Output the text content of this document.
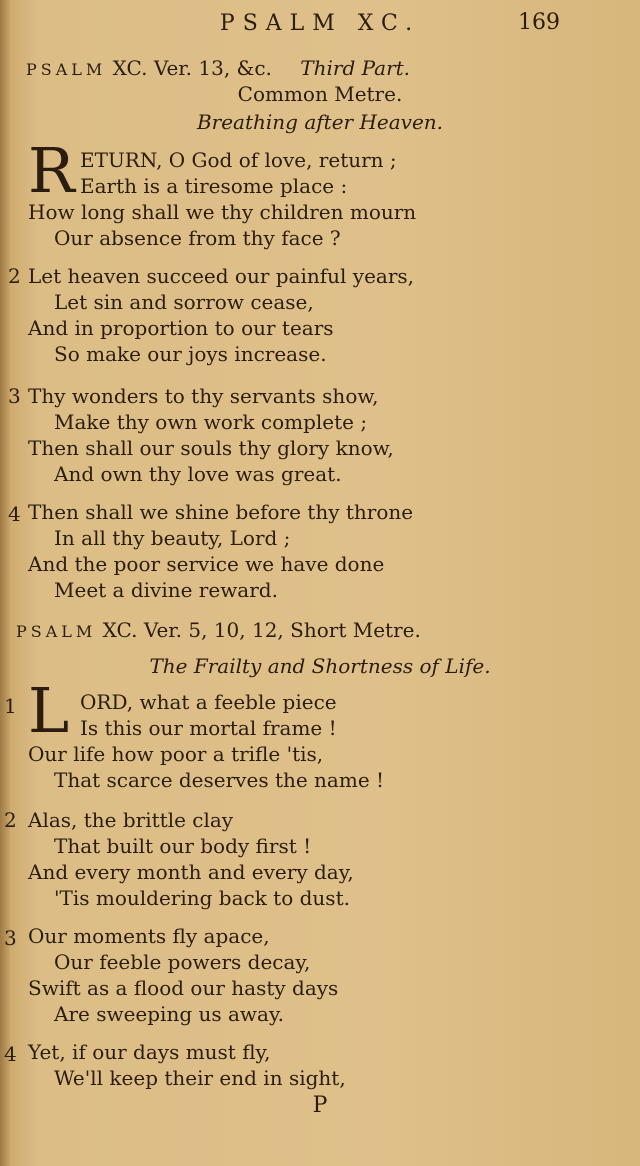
PSALM XC.	169
PSALM XC. Ver. 13, &c. Third Part.
Common Metre.
Breathing after Heaven.
R ETURN, O God of love, return ;
Earth is a tiresome place :
How long shall we thy children mourn
Our absence from thy face ?
2 Let heaven succeed our painful years,
Let sin and sorrow cease,
And in proportion to our tears
So make our joys increase.
3 Thy wonders to thy servants show,
Make thy own work complete ;
Then shall our souls thy glory know,
And own thy love was great.
4 Then shall we shine before thy throne
In all thy beauty, Lord ;
And the poor service we have done
Meet a divine reward.
PSALM XC. Ver. 5, 10, 12, Short Metre.
The Frailty and Shortness of Life.
1 L ORD, what a feeble piece
Is this our mortal frame !
Our life how poor a trifle 'tis,
That scarce deserves the name !
2 Alas, the brittle clay
That built our body first !
And every month and every day,
'Tis mouldering back to dust.
3 Our moments fly apace,
Our feeble powers decay,
Swift as a flood our hasty days
Are sweeping us away.
4 Yet, if our days must fly,
We'll keep their end in sight,
P
